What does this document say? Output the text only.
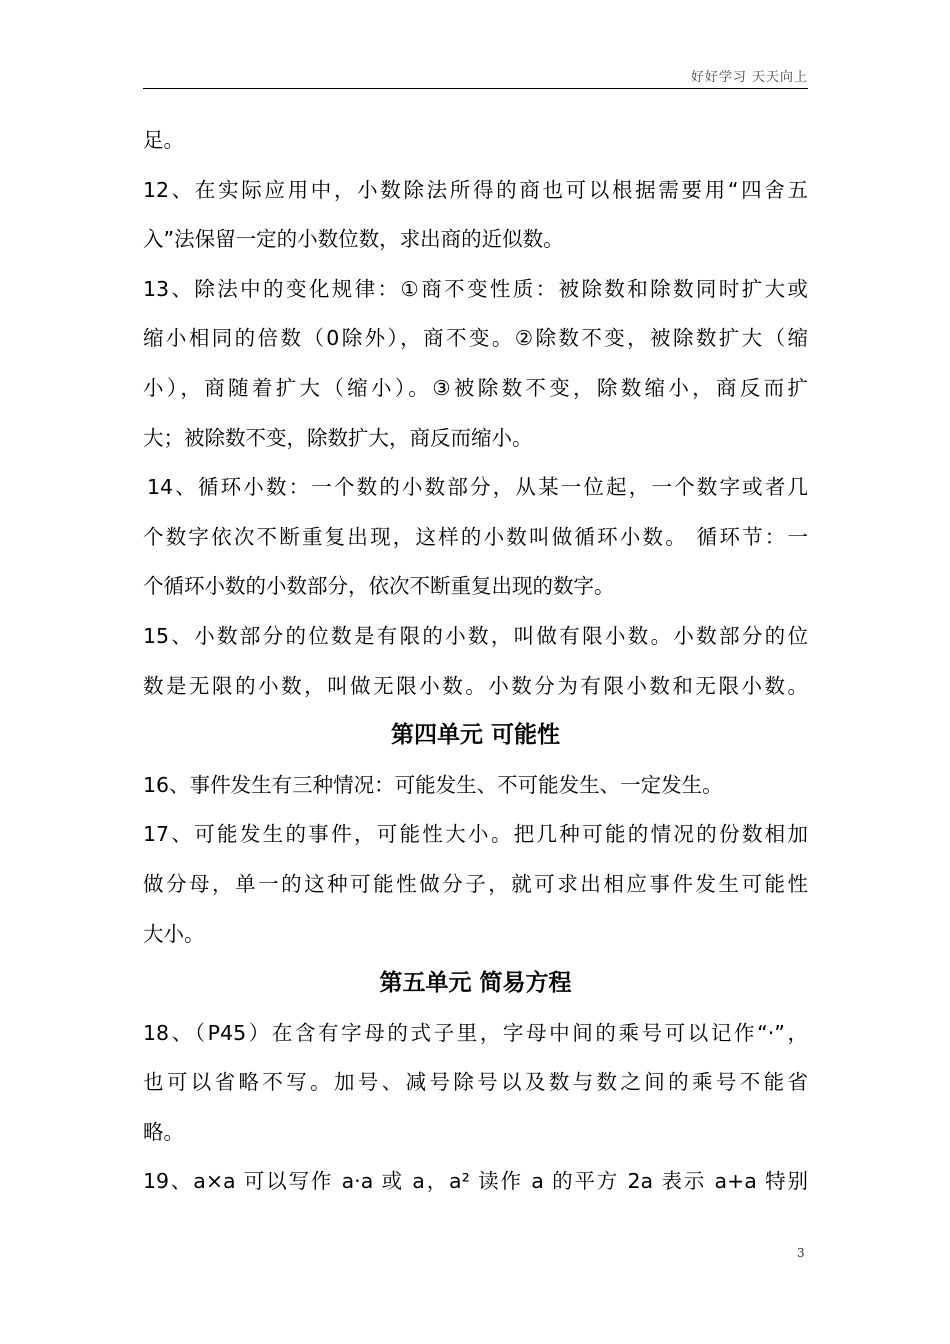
好好学习 天天向上
足。
12、在实际应用中，小数除法所得的商也可以根据需要用“四舍五
入”法保留一定的小数位数，求出商的近似数。
13、除法中的变化规律：①商不变性质：被除数和除数同时扩大或
缩小相同的倍数（0除外），商不变。②除数不变，被除数扩大（缩
小），商随着扩大（缩小）。③被除数不变，除数缩小，商反而扩
大；被除数不变，除数扩大，商反而缩小。
14、循环小数：一个数的小数部分，从某一位起，一个数字或者几
个数字依次不断重复出现，这样的小数叫做循环小数。 循环节：一
个循环小数的小数部分，依次不断重复出现的数字。
15、小数部分的位数是有限的小数，叫做有限小数。小数部分的位
数是无限的小数，叫做无限小数。小数分为有限小数和无限小数。
第四单元 可能性
16、事件发生有三种情况：可能发生、不可能发生、一定发生。
17、可能发生的事件，可能性大小。把几种可能的情况的份数相加
做分母，单一的这种可能性做分子，就可求出相应事件发生可能性
大小。
第五单元 简易方程
18、（P45）在含有字母的式子里，字母中间的乘号可以记作“·”，
也可以省略不写。加号、减号除号以及数与数之间的乘号不能省
略。
19、a×a 可以写作 a·a 或 a，a² 读作 a 的平方 2a 表示 a+a 特别
3
